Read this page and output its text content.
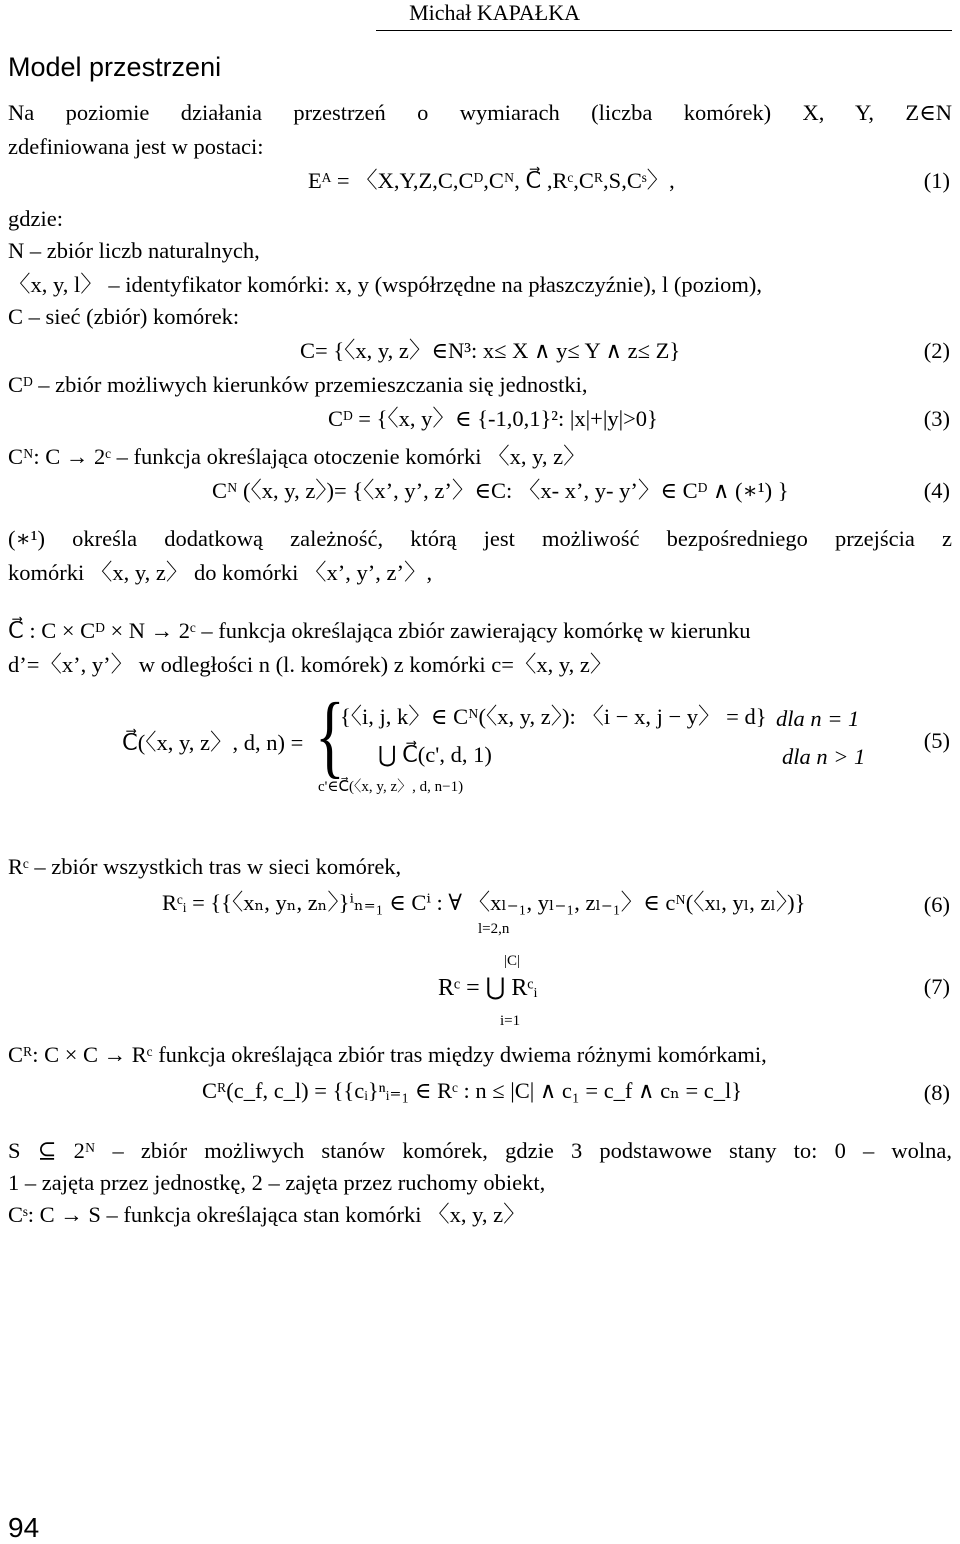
Michał KAPAŁKA
Model przestrzeni
Na poziomie działania przestrzeń o wymiarach (liczba komórek) X, Y, Z∈N
zdefiniowana jest w postaci:
Eᴬ = 〈X,Y,Z,C,Cᴰ,Cᴺ, C⃗ ,Rᶜ,Cᴿ,S,Cˢ〉,	(1)
gdzie:
N – zbiór liczb naturalnych,
〈x, y, l〉 – identyfikator komórki: x, y (współrzędne na płaszczyźnie), l (poziom),
C – sieć (zbiór) komórek:
C= {〈x, y, z〉∈N³: x≤ X ∧ y≤ Y ∧ z≤ Z}	(2)
Cᴰ – zbiór możliwych kierunków przemieszczania się jednostki,
Cᴰ = {〈x, y〉∈ {-1,0,1}²: |x|+|y|>0}	(3)
Cᴺ: C → 2ᶜ – funkcja określająca otoczenie komórki 〈x, y, z〉
Cᴺ (〈x, y, z〉)= {〈x’, y’, z’〉∈C: 〈x- x’, y- y’〉∈ Cᴰ ∧ (∗¹) }	(4)
(∗¹) określa dodatkową zależność, którą jest możliwość bezpośredniego przejścia z
komórki 〈x, y, z〉 do komórki 〈x’, y’, z’〉,
C⃗ : C × Cᴰ × N → 2ᶜ – funkcja określająca zbiór zawierający komórkę w kierunku
d’=〈x’, y’〉 w odległości n (l. komórek) z komórki c=〈x, y, z〉
C⃗(〈x, y, z〉, d, n) = {
{〈i, j, k〉∈ Cᴺ(〈x, y, z〉): 〈i − x, j − y〉 = d} dla n = 1
⋃ C⃗(c', d, 1)
c'∈C⃗(〈x, y, z〉, d, n−1)
dla n > 1
(5)
Rᶜ – zbiór wszystkich tras w sieci komórek,
Rᶜᵢ = {{〈xₙ, yₙ, zₙ〉}ⁱₙ₌₁ ∈ Cⁱ : ∀ 〈xₗ₋₁, yₗ₋₁, zₗ₋₁〉∈ cᴺ(〈xₗ, yₗ, zₗ〉)}
l=2,n
(6)
|C|
Rᶜ = ⋃ Rᶜᵢ
i=1
(7)
Cᴿ: C × C → Rᶜ funkcja określająca zbiór tras między dwiema różnymi komórkami,
Cᴿ(c_f, c_l) = {{cᵢ}ⁿᵢ₌₁ ∈ Rᶜ : n ≤ |C| ∧ c₁ = c_f ∧ cₙ = c_l}	(8)
S ⊆ 2ᴺ – zbiór możliwych stanów komórek, gdzie 3 podstawowe stany to: 0 – wolna,
1 – zajęta przez jednostkę, 2 – zajęta przez ruchomy obiekt,
Cˢ: C → S – funkcja określająca stan komórki 〈x, y, z〉
94
